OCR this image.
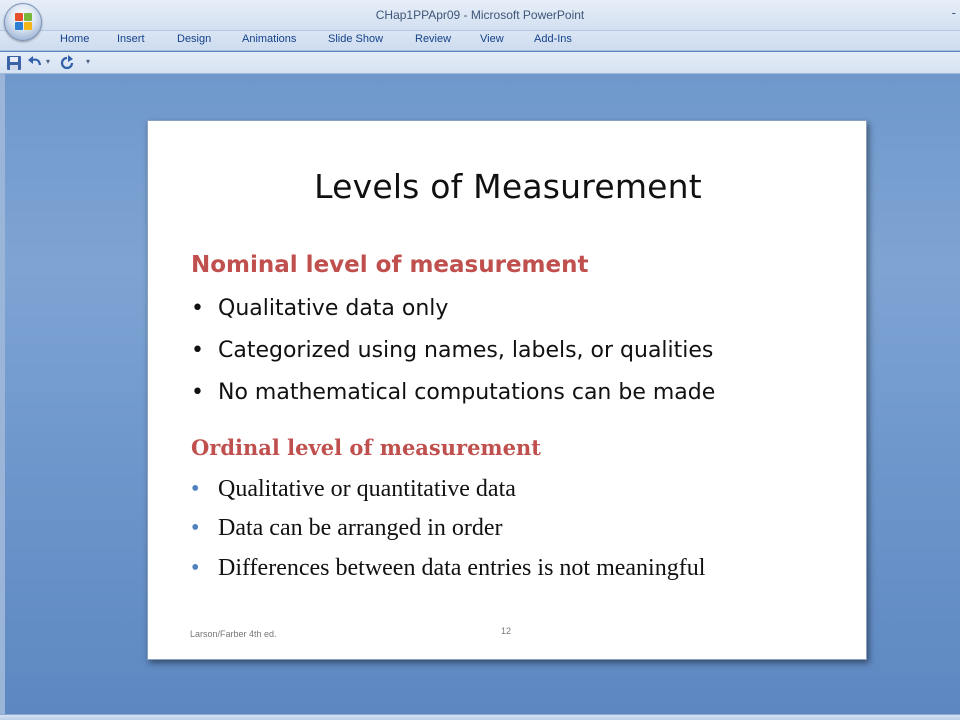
CHap1PPApr09 - Microsoft PowerPoint	-
Home	Insert	Design	Animations	Slide Show	Review	View	Add-Ins
▾	▾
Levels of Measurement
Nominal level of measurement
• Qualitative data only
• Categorized using names, labels, or qualities
• No mathematical computations can be made
Ordinal level of measurement
• Qualitative or quantitative data
• Data can be arranged in order
• Differences between data entries is not meaningful
Larson/Farber 4th ed.	12
